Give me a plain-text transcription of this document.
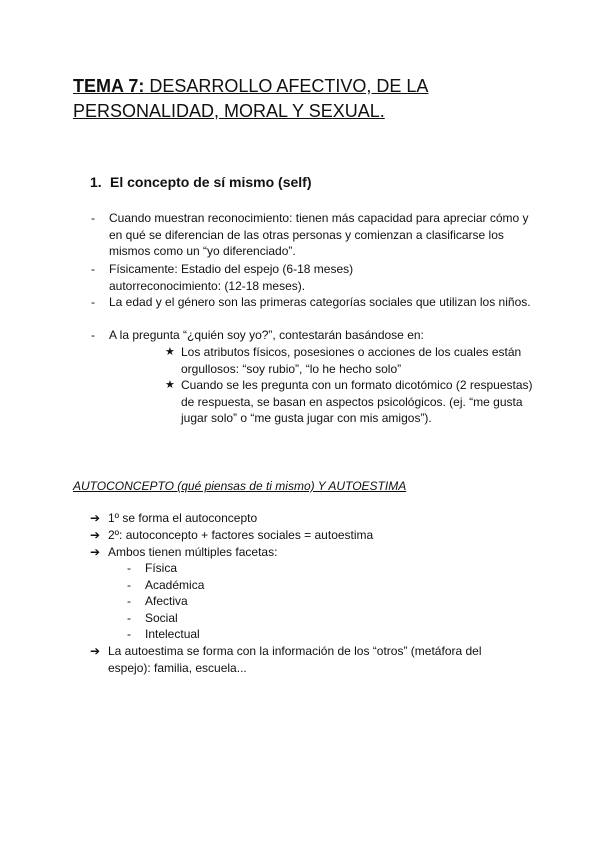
TEMA 7: DESARROLLO AFECTIVO, DE LA PERSONALIDAD, MORAL Y SEXUAL.
1. El concepto de sí mismo (self)
- Cuando muestran reconocimiento: tienen más capacidad para apreciar cómo y en qué se diferencian de las otras personas y comienzan a clasificarse los mismos como un “yo diferenciado”.
- Físicamente: Estadio del espejo (6-18 meses) autorreconocimiento: (12-18 meses).
- La edad y el género son las primeras categorías sociales que utilizan los niños.
- A la pregunta “¿quién soy yo?”, contestarán basándose en:
★ Los atributos físicos, posesiones o acciones de los cuales están orgullosos: “soy rubio”, “lo he hecho solo”
★ Cuando se les pregunta con un formato dicotómico (2 respuestas) de respuesta, se basan en aspectos psicológicos. (ej. “me gusta jugar solo” o “me gusta jugar con mis amigos”).
AUTOCONCEPTO (qué piensas de ti mismo) Y AUTOESTIMA
➔ 1º se forma el autoconcepto
➔ 2º: autoconcepto + factores sociales = autoestima
➔ Ambos tienen múltiples facetas:
- Física
- Académica
- Afectiva
- Social
- Intelectual
➔ La autoestima se forma con la información de los “otros” (metáfora del espejo): familia, escuela...
